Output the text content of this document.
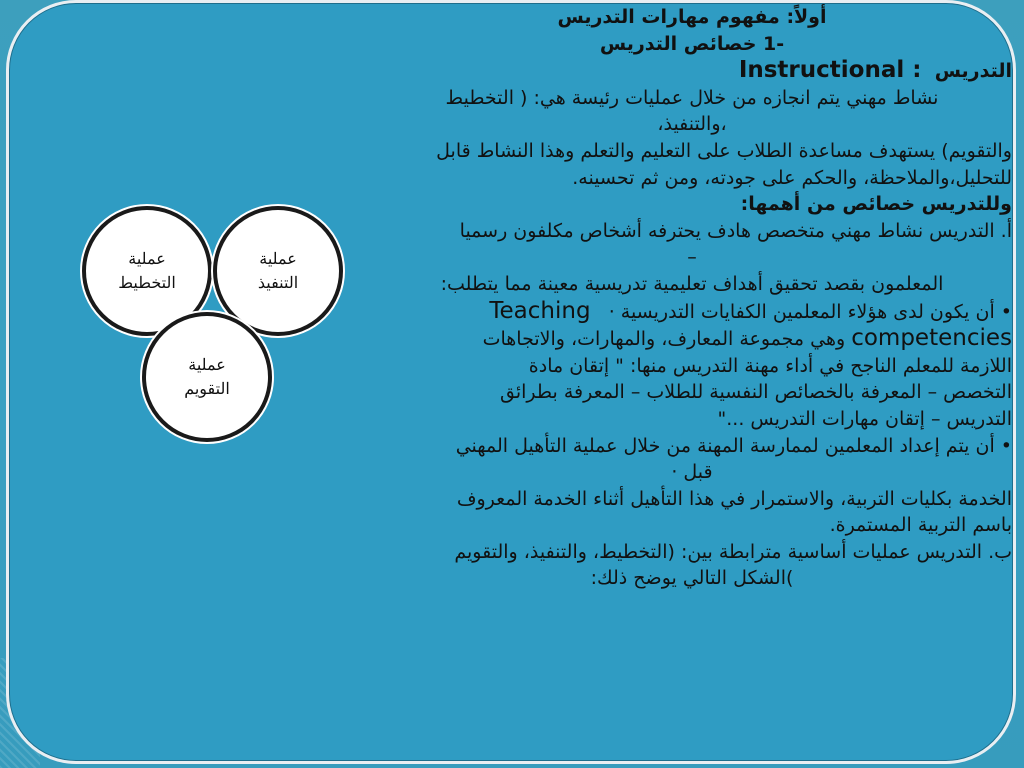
أولاً: مفهوم مهارات التدريس

-1 خصائص التدريس

التدريس  Instructional :

نشاط مهني يتم انجازه من خلال عمليات رئيسة هي: ( التخطيط

،والتنفيذ،

والتقويم) يستهدف مساعدة الطلاب على التعليم والتعلم وهذا النشاط قابل

للتحليل،والملاحظة، والحكم على جودته، ومن ثم تحسينه.

وللتدريس خصائص من أهمها:

أ. التدريس نشاط مهني متخصص هادف يحترفه أشخاص مكلفون رسميا

–

المعلمون بقصد تحقيق أهداف تعليمية تدريسية معينة مما يتطلب:

• أن يكون لدى هؤلاء المعلمين الكفايات التدريسية ·   Teaching

competencies وهي مجموعة المعارف، والمهارات، والاتجاهات

اللازمة للمعلم الناجح في أداء مهنة التدريس منها: " إتقان مادة

التخصص – المعرفة بالخصائص النفسية للطلاب – المعرفة بطرائق

التدريس – إتقان مهارات التدريس ..."

• أن يتم إعداد المعلمين لممارسة المهنة من خلال عملية التأهيل المهني

قبل ·

الخدمة بكليات التربية، والاستمرار في هذا التأهيل أثناء الخدمة المعروف

باسم التربية المستمرة.

ب. التدريس عمليات أساسية مترابطة بين: (التخطيط، والتنفيذ، والتقويم

)الشكل التالي يوضح ذلك:

عملية التخطيط
عملية التنفيذ
عملية التقويم
